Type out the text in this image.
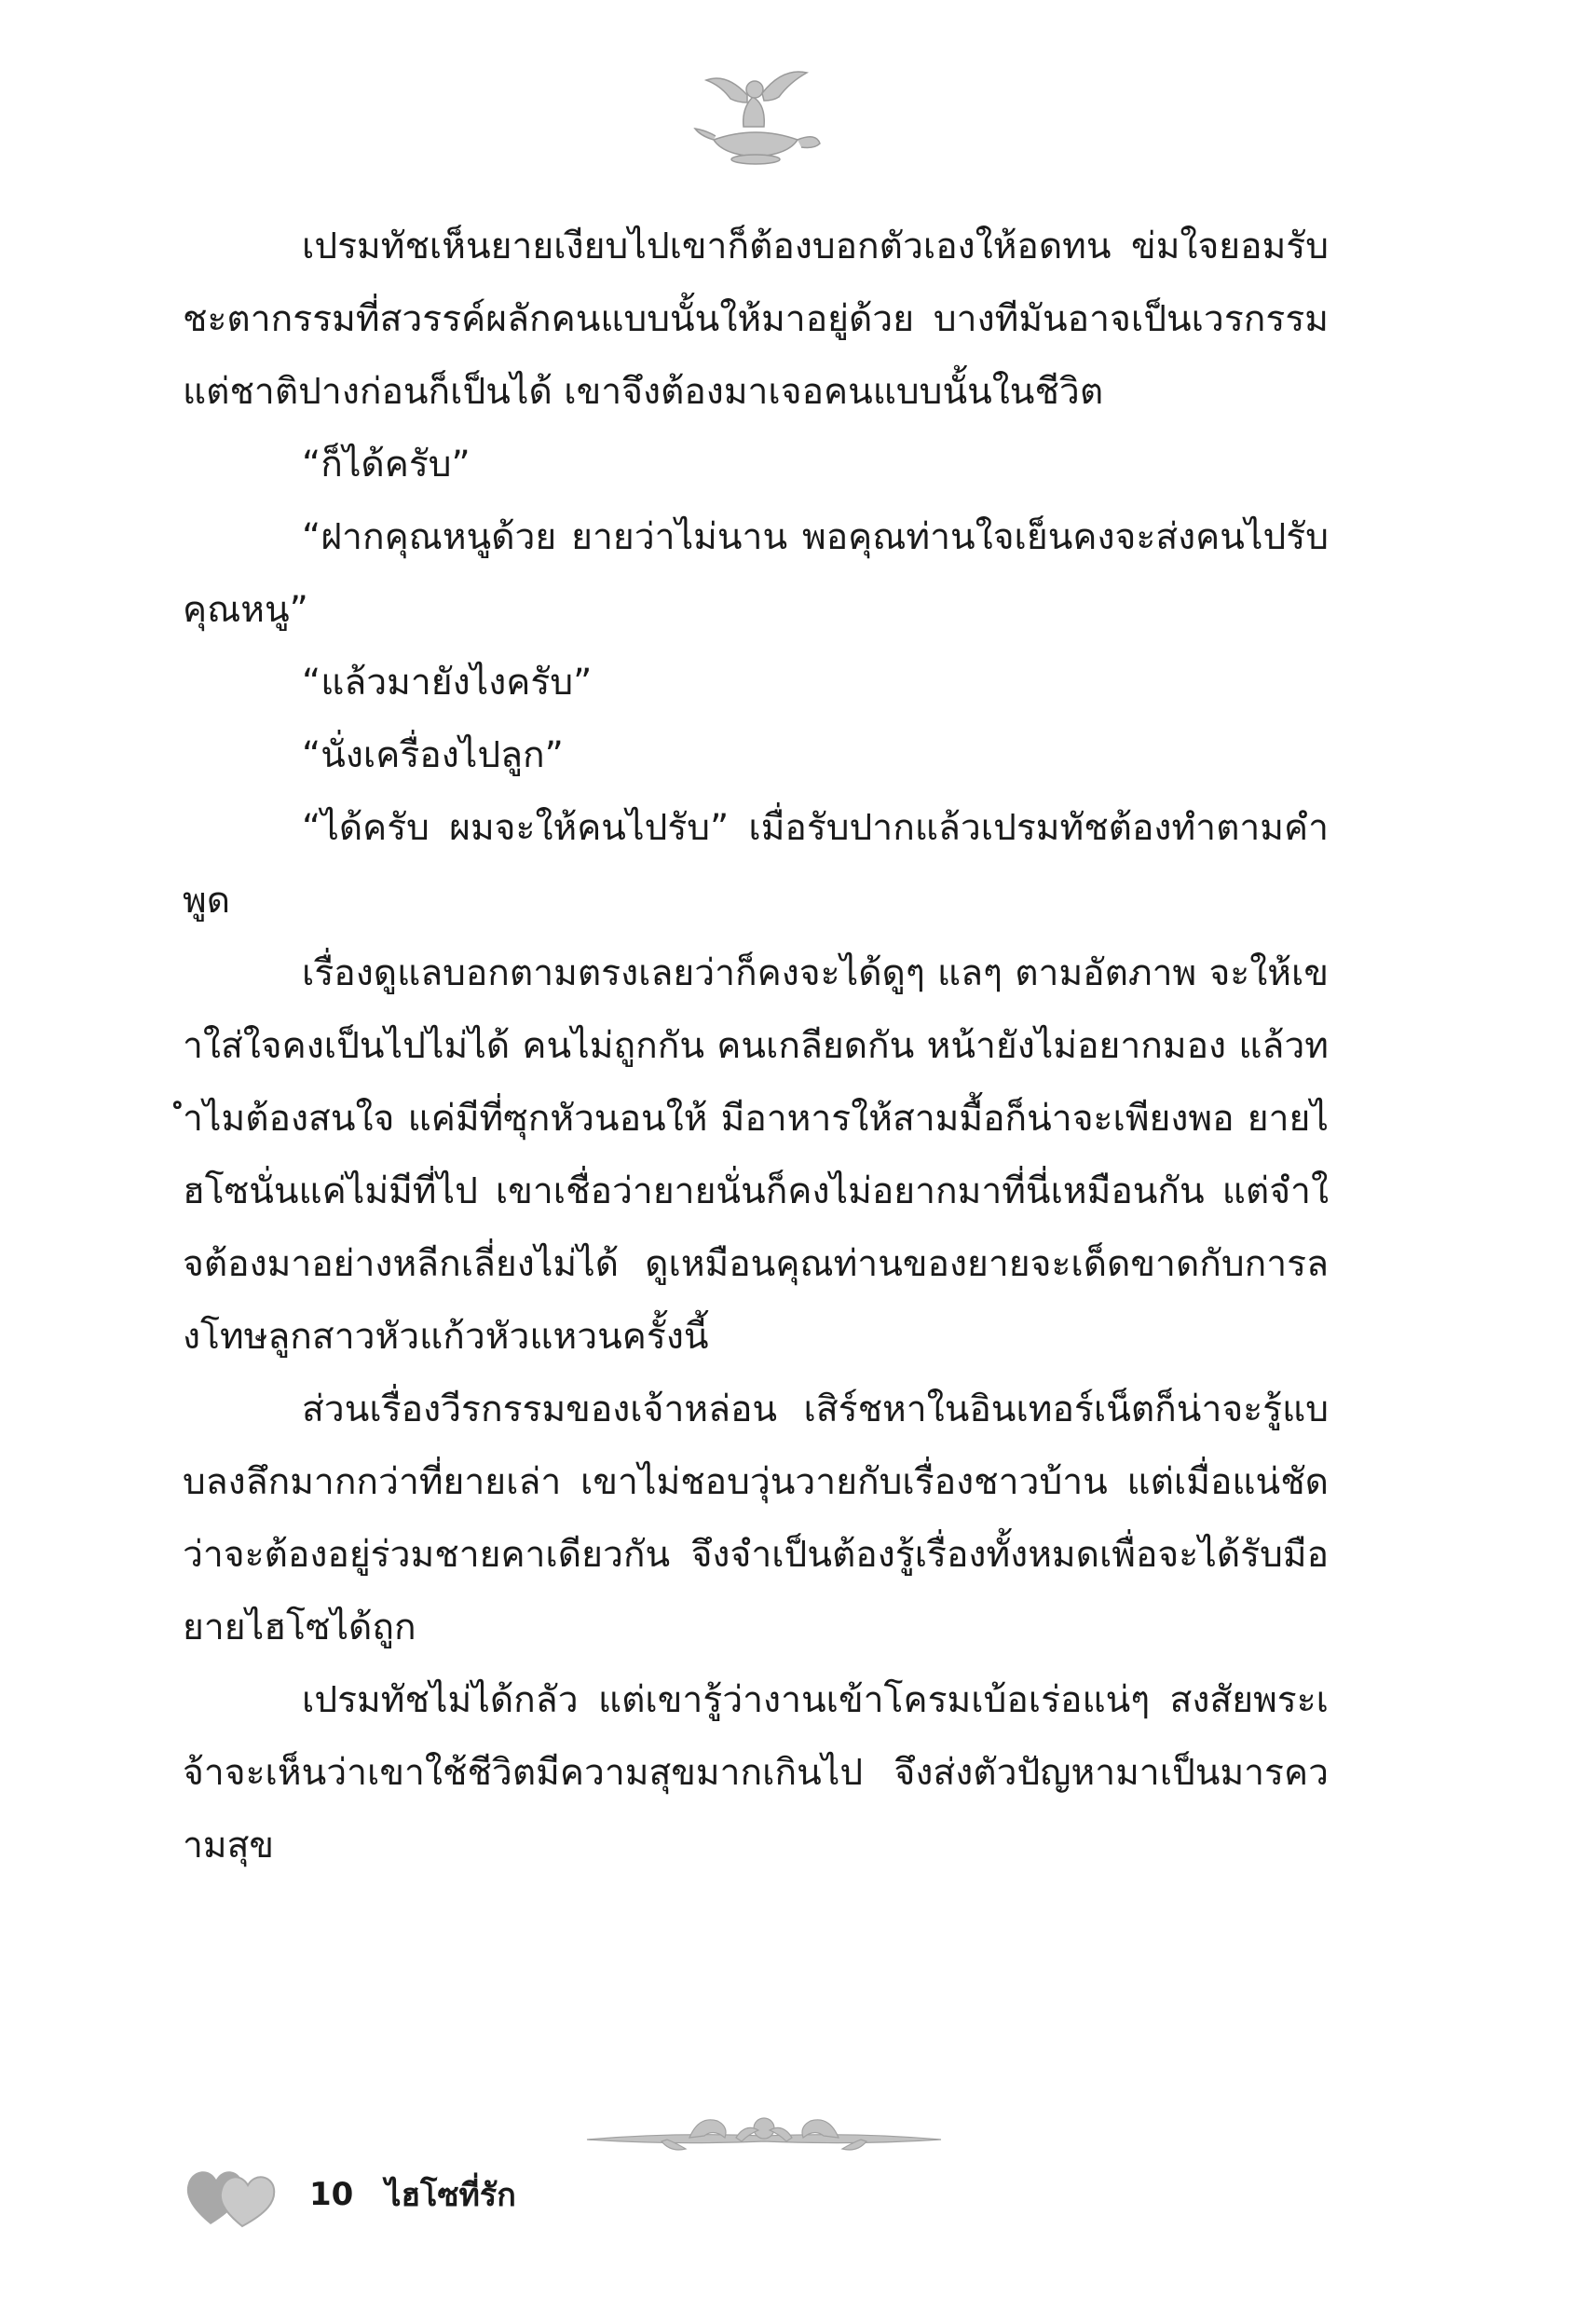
เปรมทัชเห็นยายเงียบไปเขาก็ต้องบอกตัวเองให้อดทน ข่มใจยอมรับชะตากรรมที่สวรรค์ผลักคนแบบนั้นให้มาอยู่ด้วย บางทีมันอาจเป็นเวรกรรมแต่ชาติปางก่อนก็เป็นได้ เขาจึงต้องมาเจอคนแบบนั้นในชีวิต

“ก็ได้ครับ”

“ฝากคุณหนูด้วย ยายว่าไม่นาน พอคุณท่านใจเย็นคงจะส่งคนไปรับคุณหนู”

“แล้วมายังไงครับ”

“นั่งเครื่องไปลูก”

“ได้ครับ ผมจะให้คนไปรับ” เมื่อรับปากแล้วเปรมทัชต้องทำตามคำพูด

เรื่องดูแลบอกตามตรงเลยว่าก็คงจะได้ดูๆ แลๆ ตามอัตภาพ จะให้เขาใส่ใจคงเป็นไปไม่ได้ คนไม่ถูกกัน คนเกลียดกัน หน้ายังไม่อยากมอง แล้วทำไมต้องสนใจ แค่มีที่ซุกหัวนอนให้ มีอาหารให้สามมื้อก็น่าจะเพียงพอ ยายไฮโซนั่นแค่ไม่มีที่ไป เขาเชื่อว่ายายนั่นก็คงไม่อยากมาที่นี่เหมือนกัน แต่จำใจต้องมาอย่างหลีกเลี่ยงไม่ได้ ดูเหมือนคุณท่านของยายจะเด็ดขาดกับการลงโทษลูกสาวหัวแก้วหัวแหวนครั้งนี้

ส่วนเรื่องวีรกรรมของเจ้าหล่อน เสิร์ชหาในอินเทอร์เน็ตก็น่าจะรู้แบบลงลึกมากกว่าที่ยายเล่า เขาไม่ชอบวุ่นวายกับเรื่องชาวบ้าน แต่เมื่อแน่ชัดว่าจะต้องอยู่ร่วมชายคาเดียวกัน จึงจำเป็นต้องรู้เรื่องทั้งหมดเพื่อจะได้รับมือยายไฮโซได้ถูก

เปรมทัชไม่ได้กลัว แต่เขารู้ว่างานเข้าโครมเบ้อเร่อแน่ๆ สงสัยพระเจ้าจะเห็นว่าเขาใช้ชีวิตมีความสุขมากเกินไป จึงส่งตัวปัญหามาเป็นมารความสุข

10 ไฮโซที่รัก
